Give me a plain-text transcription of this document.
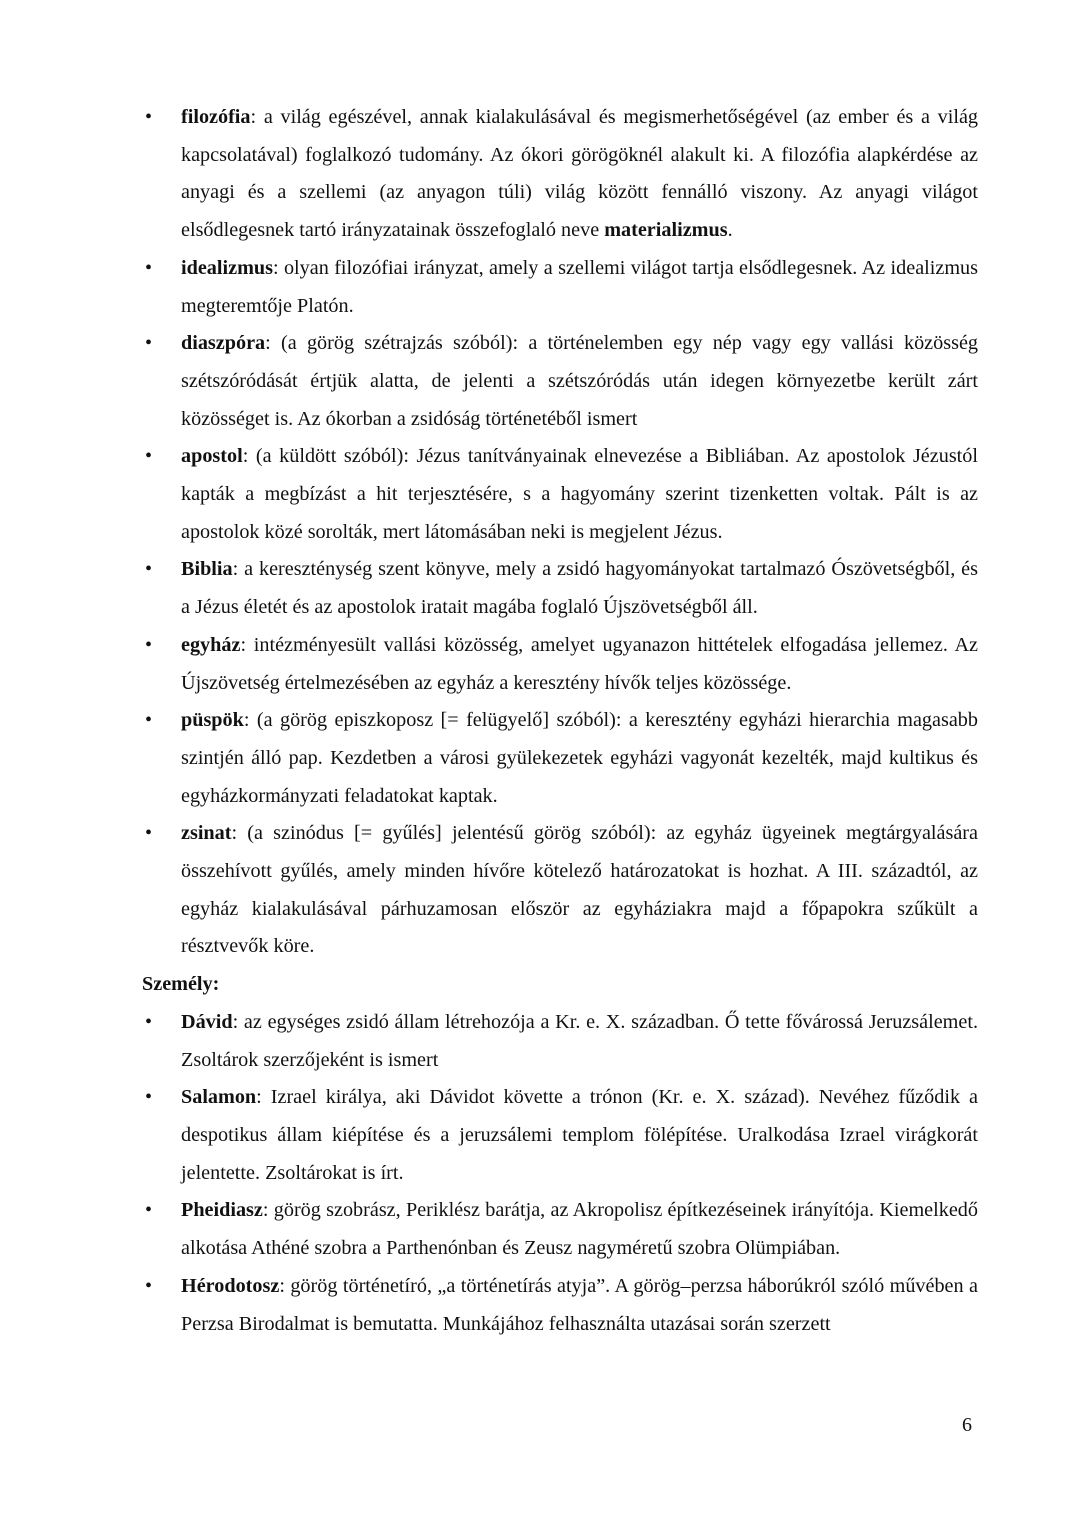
•	filozófia: a világ egészével, annak kialakulásával és megismerhetőségével (az ember és a világ kapcsolatával) foglalkozó tudomány. Az ókori görögöknél alakult ki. A filozófia alapkérdése az anyagi és a szellemi (az anyagon túli) világ között fennálló viszony. Az anyagi világot elsődlegesnek tartó irányzatainak összefoglaló neve materializmus.
•	idealizmus: olyan filozófiai irányzat, amely a szellemi világot tartja elsődlegesnek. Az idealizmus megteremtője Platón.
•	diaszpóra: (a görög szétrajzás szóból): a történelemben egy nép vagy egy vallási közösség szétszóródását értjük alatta, de jelenti a szétszóródás után idegen környezetbe került zárt közösséget is. Az ókorban a zsidóság történetéből ismert
•	apostol: (a küldött szóból): Jézus tanítványainak elnevezése a Bibliában. Az apostolok Jézustól kapták a megbízást a hit terjesztésére, s a hagyomány szerint tizenketten voltak. Pált is az apostolok közé sorolták, mert látomásában neki is megjelent Jézus.
•	Biblia: a kereszténység szent könyve, mely a zsidó hagyományokat tartalmazó Ószövetségből, és a Jézus életét és az apostolok iratait magába foglaló Újszövetségből áll.
•	egyház: intézményesült vallási közösség, amelyet ugyanazon hittételek elfogadása jellemez. Az Újszövetség értelmezésében az egyház a keresztény hívők teljes közössége.
•	püspök: (a görög episzkoposz [= felügyelő] szóból): a keresztény egyházi hierarchia magasabb szintjén álló pap. Kezdetben a városi gyülekezetek egyházi vagyonát kezelték, majd kultikus és egyházkormányzati feladatokat kaptak.
•	zsinat: (a szinódus [= gyűlés] jelentésű görög szóból): az egyház ügyeinek megtárgyalására összehívott gyűlés, amely minden hívőre kötelező határozatokat is hozhat. A III. századtól, az egyház kialakulásával párhuzamosan először az egyháziakra majd a főpapokra szűkült a résztvevők köre.
Személy:
•	Dávid: az egységes zsidó állam létrehozója a Kr. e. X. században. Ő tette fővárossá Jeruzsálemet. Zsoltárok szerzőjeként is ismert
•	Salamon: Izrael királya, aki Dávidot követte a trónon (Kr. e. X. század). Nevéhez fűződik a despotikus állam kiépítése és a jeruzsálemi templom fölépítése. Uralkodása Izrael virágkorát jelentette. Zsoltárokat is írt.
•	Pheidiasz: görög szobrász, Periklész barátja, az Akropolisz építkezéseinek irányítója. Kiemelkedő alkotása Athéné szobra a Parthenónban és Zeusz nagyméretű szobra Olümpiában.
•	Hérodotosz: görög történetíró, „a történetírás atyja”. A görög–perzsa háborúkról szóló művében a Perzsa Birodalmat is bemutatta. Munkájához felhasználta utazásai során szerzett
6
